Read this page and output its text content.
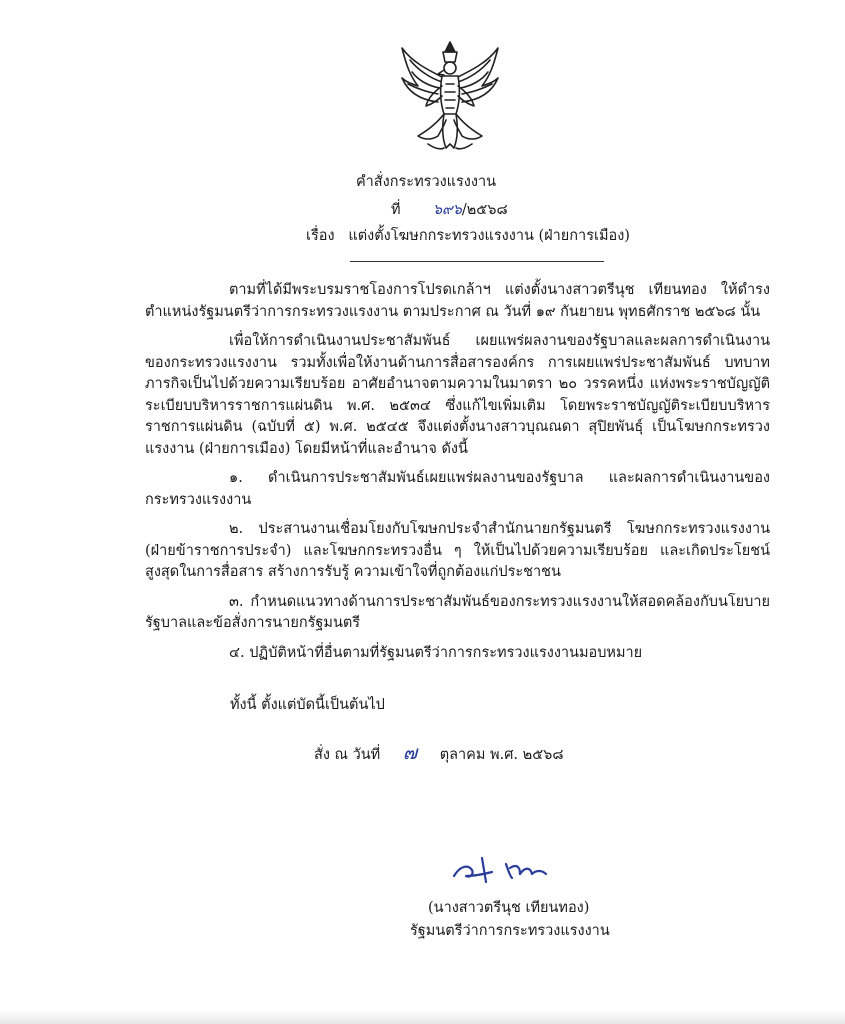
คำสั่งกระทรวงแรงงาน
ที่ ๖๙๖/๒๕๖๘
เรื่อง แต่งตั้งโฆษกกระทรวงแรงงาน (ฝ่ายการเมือง)

ตามที่ได้มีพระบรมราชโองการโปรดเกล้าฯ แต่งตั้งนางสาวตรีนุช เทียนทอง ให้ดำรงตำแหน่งรัฐมนตรีว่าการกระทรวงแรงงาน ตามประกาศ ณ วันที่ ๑๙ กันยายน พุทธศักราช ๒๕๖๘ นั้น

เพื่อให้การดำเนินงานประชาสัมพันธ์ เผยแพร่ผลงานของรัฐบาลและผลการดำเนินงานของกระทรวงแรงงาน รวมทั้งเพื่อให้งานด้านการสื่อสารองค์กร การเผยแพร่ประชาสัมพันธ์ บทบาท ภารกิจเป็นไปด้วยความเรียบร้อย อาศัยอำนาจตามความในมาตรา ๒๐ วรรคหนึ่ง แห่งพระราชบัญญัติระเบียบบริหารราชการแผ่นดิน พ.ศ. ๒๕๓๔ ซึ่งแก้ไขเพิ่มเติม โดยพระราชบัญญัติระเบียบบริหารราชการแผ่นดิน (ฉบับที่ ๕) พ.ศ. ๒๕๔๕ จึงแต่งตั้งนางสาวบุณณดา สุปิยพันธุ์ เป็นโฆษกกระทรวงแรงงาน (ฝ่ายการเมือง) โดยมีหน้าที่และอำนาจ ดังนี้

๑. ดำเนินการประชาสัมพันธ์เผยแพร่ผลงานของรัฐบาล และผลการดำเนินงานของกระทรวงแรงงาน

๒. ประสานงานเชื่อมโยงกับโฆษกประจำสำนักนายกรัฐมนตรี โฆษกกระทรวงแรงงาน (ฝ่ายข้าราชการประจำ) และโฆษกกระทรวงอื่น ๆ ให้เป็นไปด้วยความเรียบร้อย และเกิดประโยชน์สูงสุดในการสื่อสาร สร้างการรับรู้ ความเข้าใจที่ถูกต้องแก่ประชาชน

๓. กำหนดแนวทางด้านการประชาสัมพันธ์ของกระทรวงแรงงานให้สอดคล้องกับนโยบายรัฐบาลและข้อสั่งการนายกรัฐมนตรี

๔. ปฏิบัติหน้าที่อื่นตามที่รัฐมนตรีว่าการกระทรวงแรงงานมอบหมาย

ทั้งนี้ ตั้งแต่บัดนี้เป็นต้นไป
สั่ง ณ วันที่ ๗ ตุลาคม พ.ศ. ๒๕๖๘
(นางสาวตรีนุช เทียนทอง)
รัฐมนตรีว่าการกระทรวงแรงงาน
